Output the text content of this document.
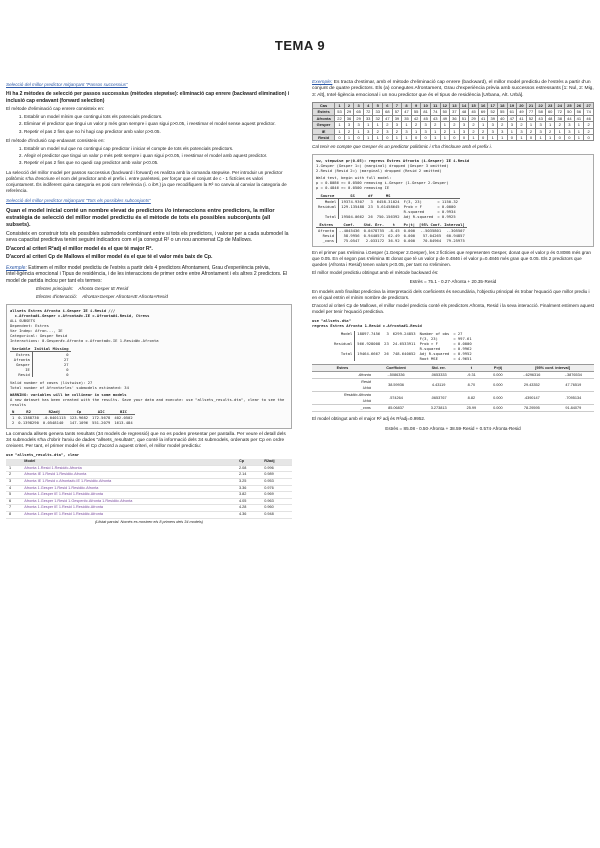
TEMA 9
Selecció del millor predictor mitjançant "Passos successius"

Hi ha 2 mètodes de selecció per passos successius (mètodes stepwise): eliminació cap enrere (backward elimination) i inclusió cap endavant (forward selection)

El mètode d'eliminació cap enrere consisteix en:

1. Establir un model mínim que contingui tots els potencials predictors.
2. Eliminar el predictor que tingui un valor p més gran sempre i quan sigui p>0.05, i reestimar el model sense aquest predictor.
3. Repetir el pas 2 fins que no hi hagi cap predictor amb valor p>0.05.

El mètode d'inclusió cap endavant consisteix en:

1. Establir un model nul que no contingui cap predictor i iniciar el compte de tots els potencials predictors.
2. Afegir el predictor que tingui un valor p més petit sempre i quan sigui p<0.05, i reestimar el model amb aquest predictor.
3. Repetir el pas 2 fins que no quedi cap predictor amb valor p<0.05.

La selecció del millor model per passos successius (backward i forward) es realitza amb la comanda stepwise. Per introduir un predictor politòmic s'ha d'escriure el nom del predictor amb el prefix i. entre parèntesi, per forçar que el conjunt de c - 1 fictícies es valori conjuntament. És indiferent quina categoria es posi com referència (i. o ib#.) ja que recodifiquem la R² no canvia al canviar la categoria de referència.

Selecció del millor predictor mitjançant "Tots els possibles subconjunts"

Quan el model inicial conté un nombre elevat de predictors i/o interaccions entre predictors, la millor estratègia de selecció del millor model predictiu és el mètode de tots els possibles subconjunts (all subsets).

Consisteix en construir tots els possibles submodels combinant entre si tots els predictors, i valorar per a cada submodel la seva capacitat predictiva tenint seguint indicadors com el ja conegut R² o un nou anomenat Cp de Mallows.

D'acord al criteri R²adj el millor model és el que té major R².

D'acord al criteri Cp de Mallows el millor model és el que té el valor més baix de Cp.

Exemple: Estimem el millor model predictiu de l'estrès a partir dels 4 predictors Afrontament, Grau d'experiència prèvia, Intel·ligència emocional i Tipus de residència, i de les interaccions de primer ordre entre Afrontament i els altres 2 predictors. El model de partida inclou per tant els termes:

Efectes principals: Afronta Gesper IE Resid
Efectes d'interacció: Afronta×Gesper Afronta×IE Afronta×Resid
allsets Estres Afronta i.Gesper IE i.Resid ///
c.Afronta#i.Gesper c.Afronta#c.IE c.Afronta#i.Resid, Ctress
ALL SUBSETS
Dependent: Estres
Var Indep: Afron..., IE
Categorical: Gesper Resid
Interactions: 0.Gesper#c.Afronta c.Afronta#c.IE 1.Resid#c.Afronta
Variable	Initial Missing
Estres	0
Afronta	27
Gesper	27
IE	0
Resid	0
Valid number of cases (listwise): 27
Total number of Afrontarles' submodels estimated: 34
WARNING: variables will be collinear in some models
A new dataset has been created with the results. Save your data and execute: use "allsets_results.dta", clear to see the results
N	R2	R2adj	Cp	AIC	BIC
1	0.1388730	-0.0401115	123.9682	172.5678	402.0502
2	0.1398290	0.0548140	147.1096	551.2079	1613.484

La comanda allsets genera tants resultats (34 models de regressió) que no es poden presentar per pantalla. Per veure el detall dels 34 submodels s'ha d'obrir l'arxiu de dades "allsets_resultats", que conté la informació dels 34 submodels, ordenats per Cp en ordre creixent. Per tant, el primer model és el Cp d'acord a aquest criteri, el millor model predictiu:

use "allsets_results.dta", clear
	Model	Cp	R2adj
1	Afronta 1.Resid 1.Resid#c.Afronta	2.08	0.996
2	Afronta IE 1.Resid 1.Resid#c.Afronta	2.14	0.989
3	Afronta IE 1.Resid c.Afronta#c.IE 1.Resid#c.Afronta	3.25	0.953
4	Afronta 1.Gesper 1.Resid 1.Resid#c.Afronta	3.36	0.976
5	Afronta 1.Gesper IE 1.Resid 1.Resid#c.Afronta	3.82	0.969
6	Afronta 1.Gesper 1.Resid 1.Gesper#c.Afronta 1.Resid#c.Afronta	4.05	0.963
7	Afronta 1.Gesper IE 1.Resid 1.Resid#c.Afronta	4.28	0.960
8	Afronta 1.Gesper IE 1.Resid 1.Resid#c.Afronta	4.36	0.948
(Llistat parcial. Només es mostren els 8 primers dels 34 models)

Exemple: Es tracta d'estimar, amb el mètode d'eliminació cap enrere (backward), el millor model predictiu de l'estrès a partir d'un conjunt de quatre predictors. Els (a) conegutes Afrontament, Grau d'experiència prèvia amb successos estressants [1: Nul, 2: Mig, 3: Alt], Intel·ligència emocional i un nou predictor que és el tipus de residència [Urbana, Alt. Urbà].

Cas	1	2	3	4	5	6	7	8	9	10	11	12	13	14	15	16	17	18	19	20	21	22	23	24	25	26	27
Estrès	53	29	65	72	33	68	57	47	55	81	74	50	37	48	45	69	52	55	61	49	77	58	60	72	50	56	74
Afronta	22	36	29	33	32	47	39	35	42	45	43	49	36	51	29	41	39	40	47	41	52	43	48	38	44	41	46
Gesper	1	3	3	1	1	2	3	1	2	3	2	1	2	3	2	1	3	2	3	2	1	3	1	2	3	1	2
IE	1	2	1	3	2	3	2	3	1	3	1	2	1	3	2	2	3	3	1	3	2	3	2	1	3	1	2
Resid	0	1	0	1	1	0	1	1	0	0	1	1	0	0	1	0	1	1	0	1	0	1	1	0	0	1	0

Cal tenir en compte que Gesper és un predictor politòmic i s'ha d'incloure amb el prefix i.

sw, stepwise pr(0.05): regress Estres Afronta (i.Gesper) IE i.Resid
1.Gesper (Gesper 1=) (marginal) dropped (Gesper 3 omitted)
2.Resid (Resid 2=) (marginal) dropped (Resid 2 omitted)
Wald test, begin with full model:
p = 0.8086 >= 0.0500 removing i.Gesper (1.Gesper 2.Gesper)
p = 0.4846 >= 0.0500 removing IE
Source	SS	df	MS		
Model	19374.9307	3	6458.31024	F(3, 23)	= 1150.32
Residual	129.135488	23	5.61458645	Prob > F	= 0.0000
				R-squared	= 0.9934
Total	19504.0662	26	750.156392	Adj R-squared	= 0.9925
Estres	Coef.	Std. Err.	t	P>|t|	[95% Conf. Interval]	
Afronta	-.4045436	0.0478755	-8.45	0.000	-.5035801	-.305507
Resid	58.9956	0.9440571	62.49	0.000	57.04265	60.94857
_cons	75.0547	2.033172	36.92	0.000	70.84964	79.25975

En el primer pas s'elimina i.Gesper (1.Gesper 2.Gesper), les 2 fictícies que representen Gesper, donat que el valor p és 0.8086 més gran que 0.05. En el segon pas s'elimina IE donat que té un valor p de 0.4846 i el valor p=0.4846 més gran que 0.05. Els 2 predictors que queden (Afronta i Resid) tenen valors p<0.05, per tant no s'eliminen.

El millor model predictiu obtingut amb el mètode backward és:

Estrès = 75.1 - 0.27·Afronta + 20.35·Resid

En models amb finalitat predictiva la interpretació dels coeficients és secundària, l'objectiu principal és trobar l'equació que millor prediu i en el qual entrin el mínim nombre de predictors.

D'acord al criteri Cp de Mallows, el millor model predictiu conté els predictors Afronta, Resid i la seva interacció. Finalment estimem aquest model per tenir l'equació predictiva.

use "allsets.dta"
regress Estres Afronta 1.Resid c.Afronta#1.Resid
Model	18897.7456	3	6299.24853	Number of obs	= 27
				F(3, 23)	= 997.61
Residual	566.928008	23	24.6533911	Prob > F	= 0.0000
				R-squared	= 0.9962
Total	19464.6667	26	748.640052	Adj R-squared	= 0.9952
				Root MSE	= 4.9651
Estres	Coefficient	Std. err.	t	P>|t|	[95% conf. interval]	
Afronta	-.5086336	.0653333	-9.31	0.000	-.6296316	-.3876534
Resid
Urbà	38.59936	4.43119	8.70	0.000	29.43352	47.76519
Resid#c.Afronta
Urbà	.574264	.0653767	8.82	0.000	.4390147	.7095134
_cons	85.06837	3.273813	25.99	0.000	78.29595	91.84079

El model obtingut amb el major R² adj és R²adj=0.9952.

Estrès = 85.08 - 0.50·Afronta + 38.59·Resid + 0.574·Afronta·Resid
